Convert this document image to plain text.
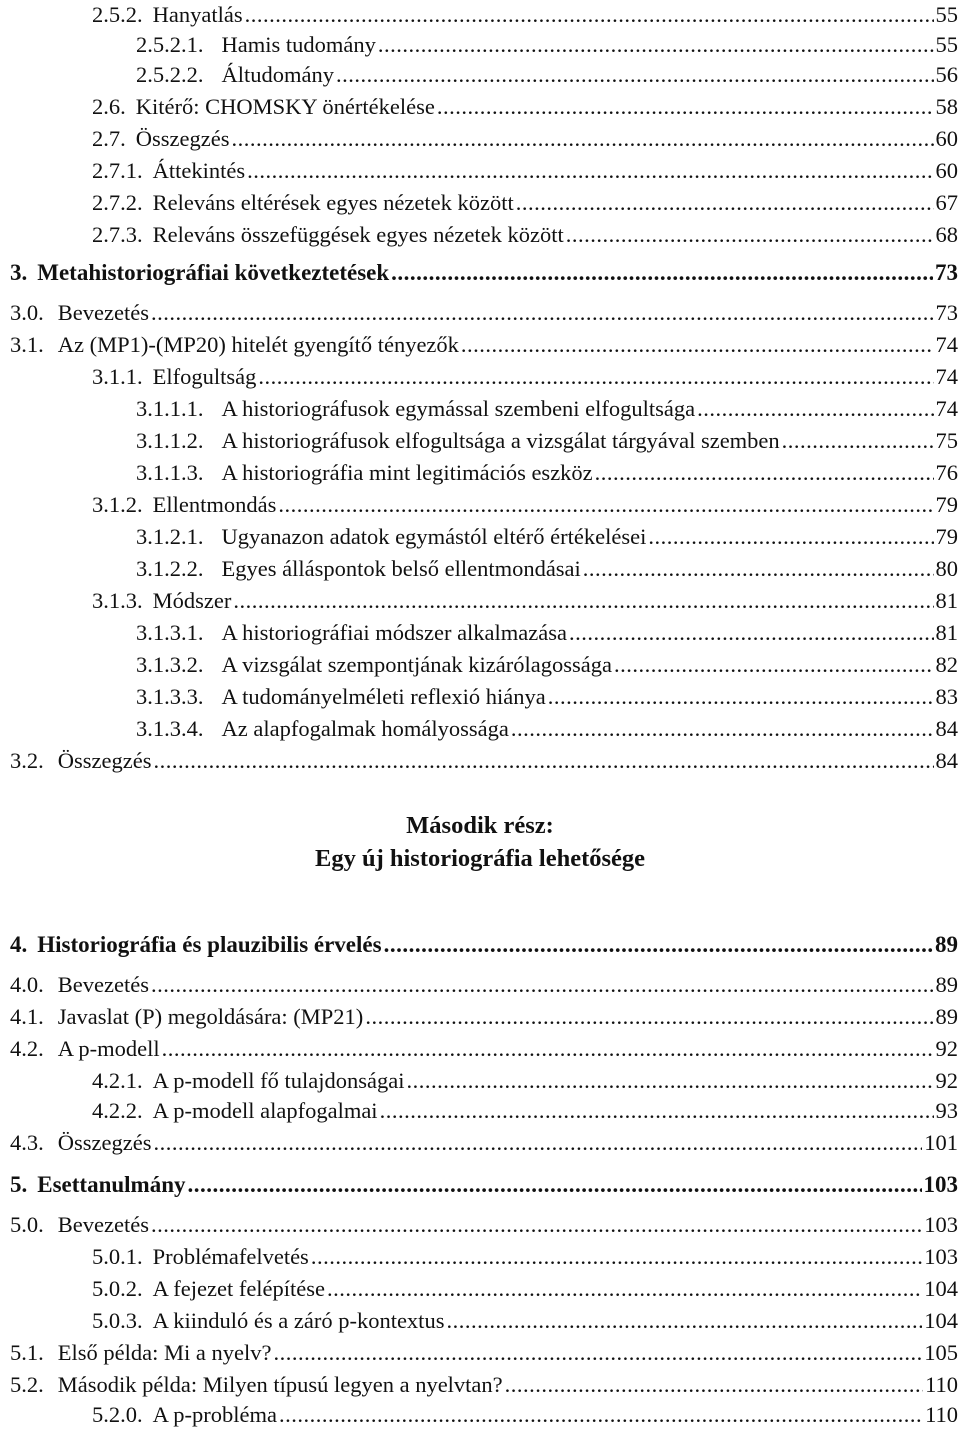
2.5.2. Hanyatlás .....	55
2.5.2.1. Hamis tudomány .....	55
2.5.2.2. Áltudomány .....	56
2.6. Kitérő: CHOMSKY önértékelése .....	58
2.7. Összegzés .....	60
2.7.1. Áttekintés .....	60
2.7.2. Releváns eltérések egyes nézetek között .....	67
2.7.3. Releváns összefüggések egyes nézetek között .....	68
3. Metahistoriográfiai következtetések .....	73
3.0. Bevezetés .....	73
3.1. Az (MP1)-(MP20) hitelét gyengítő tényezők .....	74
3.1.1. Elfogultság .....	74
3.1.1.1. A historiográfusok egymással szembeni elfogultsága .....	74
3.1.1.2. A historiográfusok elfogultsága a vizsgálat tárgyával szemben .....	75
3.1.1.3. A historiográfia mint legitimációs eszköz .....	76
3.1.2. Ellentmondás .....	79
3.1.2.1. Ugyanazon adatok egymástól eltérő értékelései .....	79
3.1.2.2. Egyes álláspontok belső ellentmondásai .....	80
3.1.3. Módszer .....	81
3.1.3.1. A historiográfiai módszer alkalmazása .....	81
3.1.3.2. A vizsgálat szempontjának kizárólagossága .....	82
3.1.3.3. A tudományelméleti reflexió hiánya .....	83
3.1.3.4. Az alapfogalmak homályossága .....	84
3.2. Összegzés .....	84
4. Historiográfia és plauzibilis érvelés .....	89
4.0. Bevezetés .....	89
4.1. Javaslat (P) megoldására: (MP21) .....	89
4.2. A p-modell .....	92
4.2.1. A p-modell fő tulajdonságai .....	92
4.2.2. A p-modell alapfogalmai .....	93
4.3. Összegzés .....	101
5. Esettanulmány .....	103
5.0. Bevezetés .....	103
5.0.1. Problémafelvetés .....	103
5.0.2. A fejezet felépítése .....	104
5.0.3. A kiinduló és a záró p-kontextus .....	104
5.1. Első példa: Mi a nyelv? .....	105
5.2. Második példa: Milyen típusú legyen a nyelvtan? .....	110
5.2.0. A p-probléma .....	110
Második rész:
Egy új historiográfia lehetősége
